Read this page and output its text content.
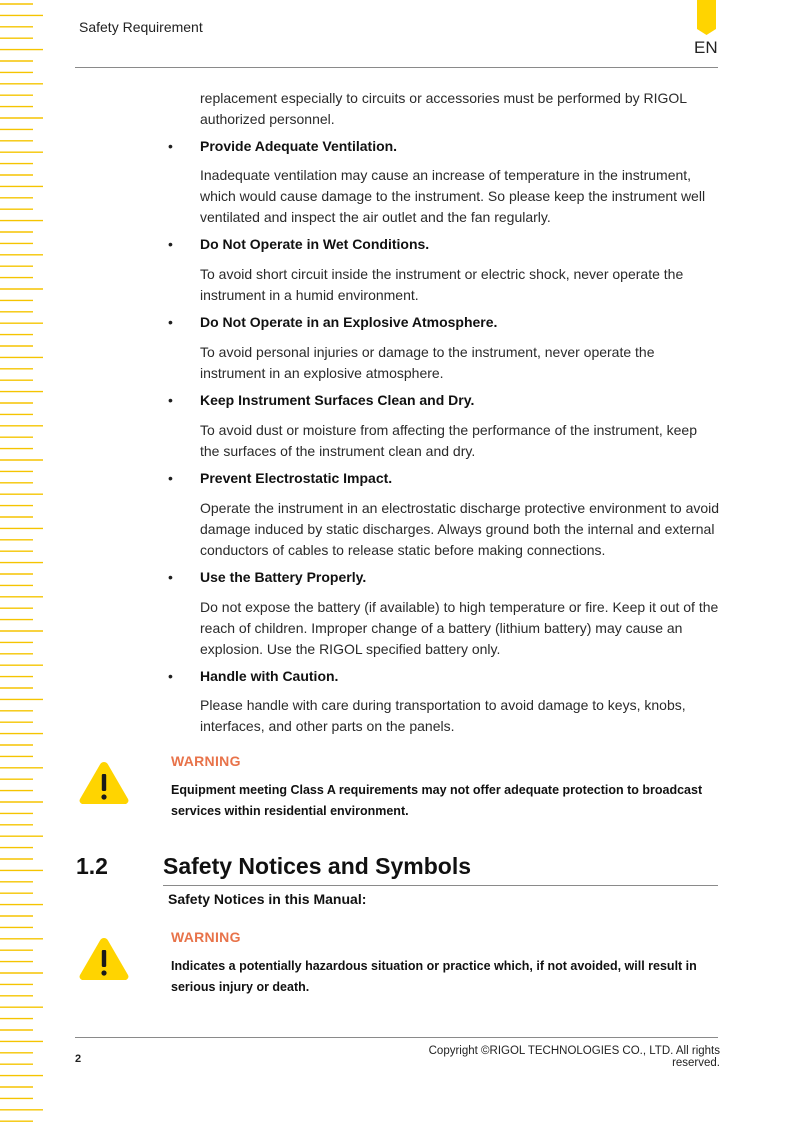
Safety Requirement
EN
replacement especially to circuits or accessories must be performed by RIGOL authorized personnel.
• Provide Adequate Ventilation.
Inadequate ventilation may cause an increase of temperature in the instrument, which would cause damage to the instrument. So please keep the instrument well ventilated and inspect the air outlet and the fan regularly.
• Do Not Operate in Wet Conditions.
To avoid short circuit inside the instrument or electric shock, never operate the instrument in a humid environment.
• Do Not Operate in an Explosive Atmosphere.
To avoid personal injuries or damage to the instrument, never operate the instrument in an explosive atmosphere.
• Keep Instrument Surfaces Clean and Dry.
To avoid dust or moisture from affecting the performance of the instrument, keep the surfaces of the instrument clean and dry.
• Prevent Electrostatic Impact.
Operate the instrument in an electrostatic discharge protective environment to avoid damage induced by static discharges. Always ground both the internal and external conductors of cables to release static before making connections.
• Use the Battery Properly.
Do not expose the battery (if available) to high temperature or fire. Keep it out of the reach of children. Improper change of a battery (lithium battery) may cause an explosion. Use the RIGOL specified battery only.
• Handle with Caution.
Please handle with care during transportation to avoid damage to keys, knobs, interfaces, and other parts on the panels.
WARNING
Equipment meeting Class A requirements may not offer adequate protection to broadcast services within residential environment.
1.2 Safety Notices and Symbols
Safety Notices in this Manual:
WARNING
Indicates a potentially hazardous situation or practice which, if not avoided, will result in serious injury or death.
2
Copyright ©RIGOL TECHNOLOGIES CO., LTD. All rights reserved.
